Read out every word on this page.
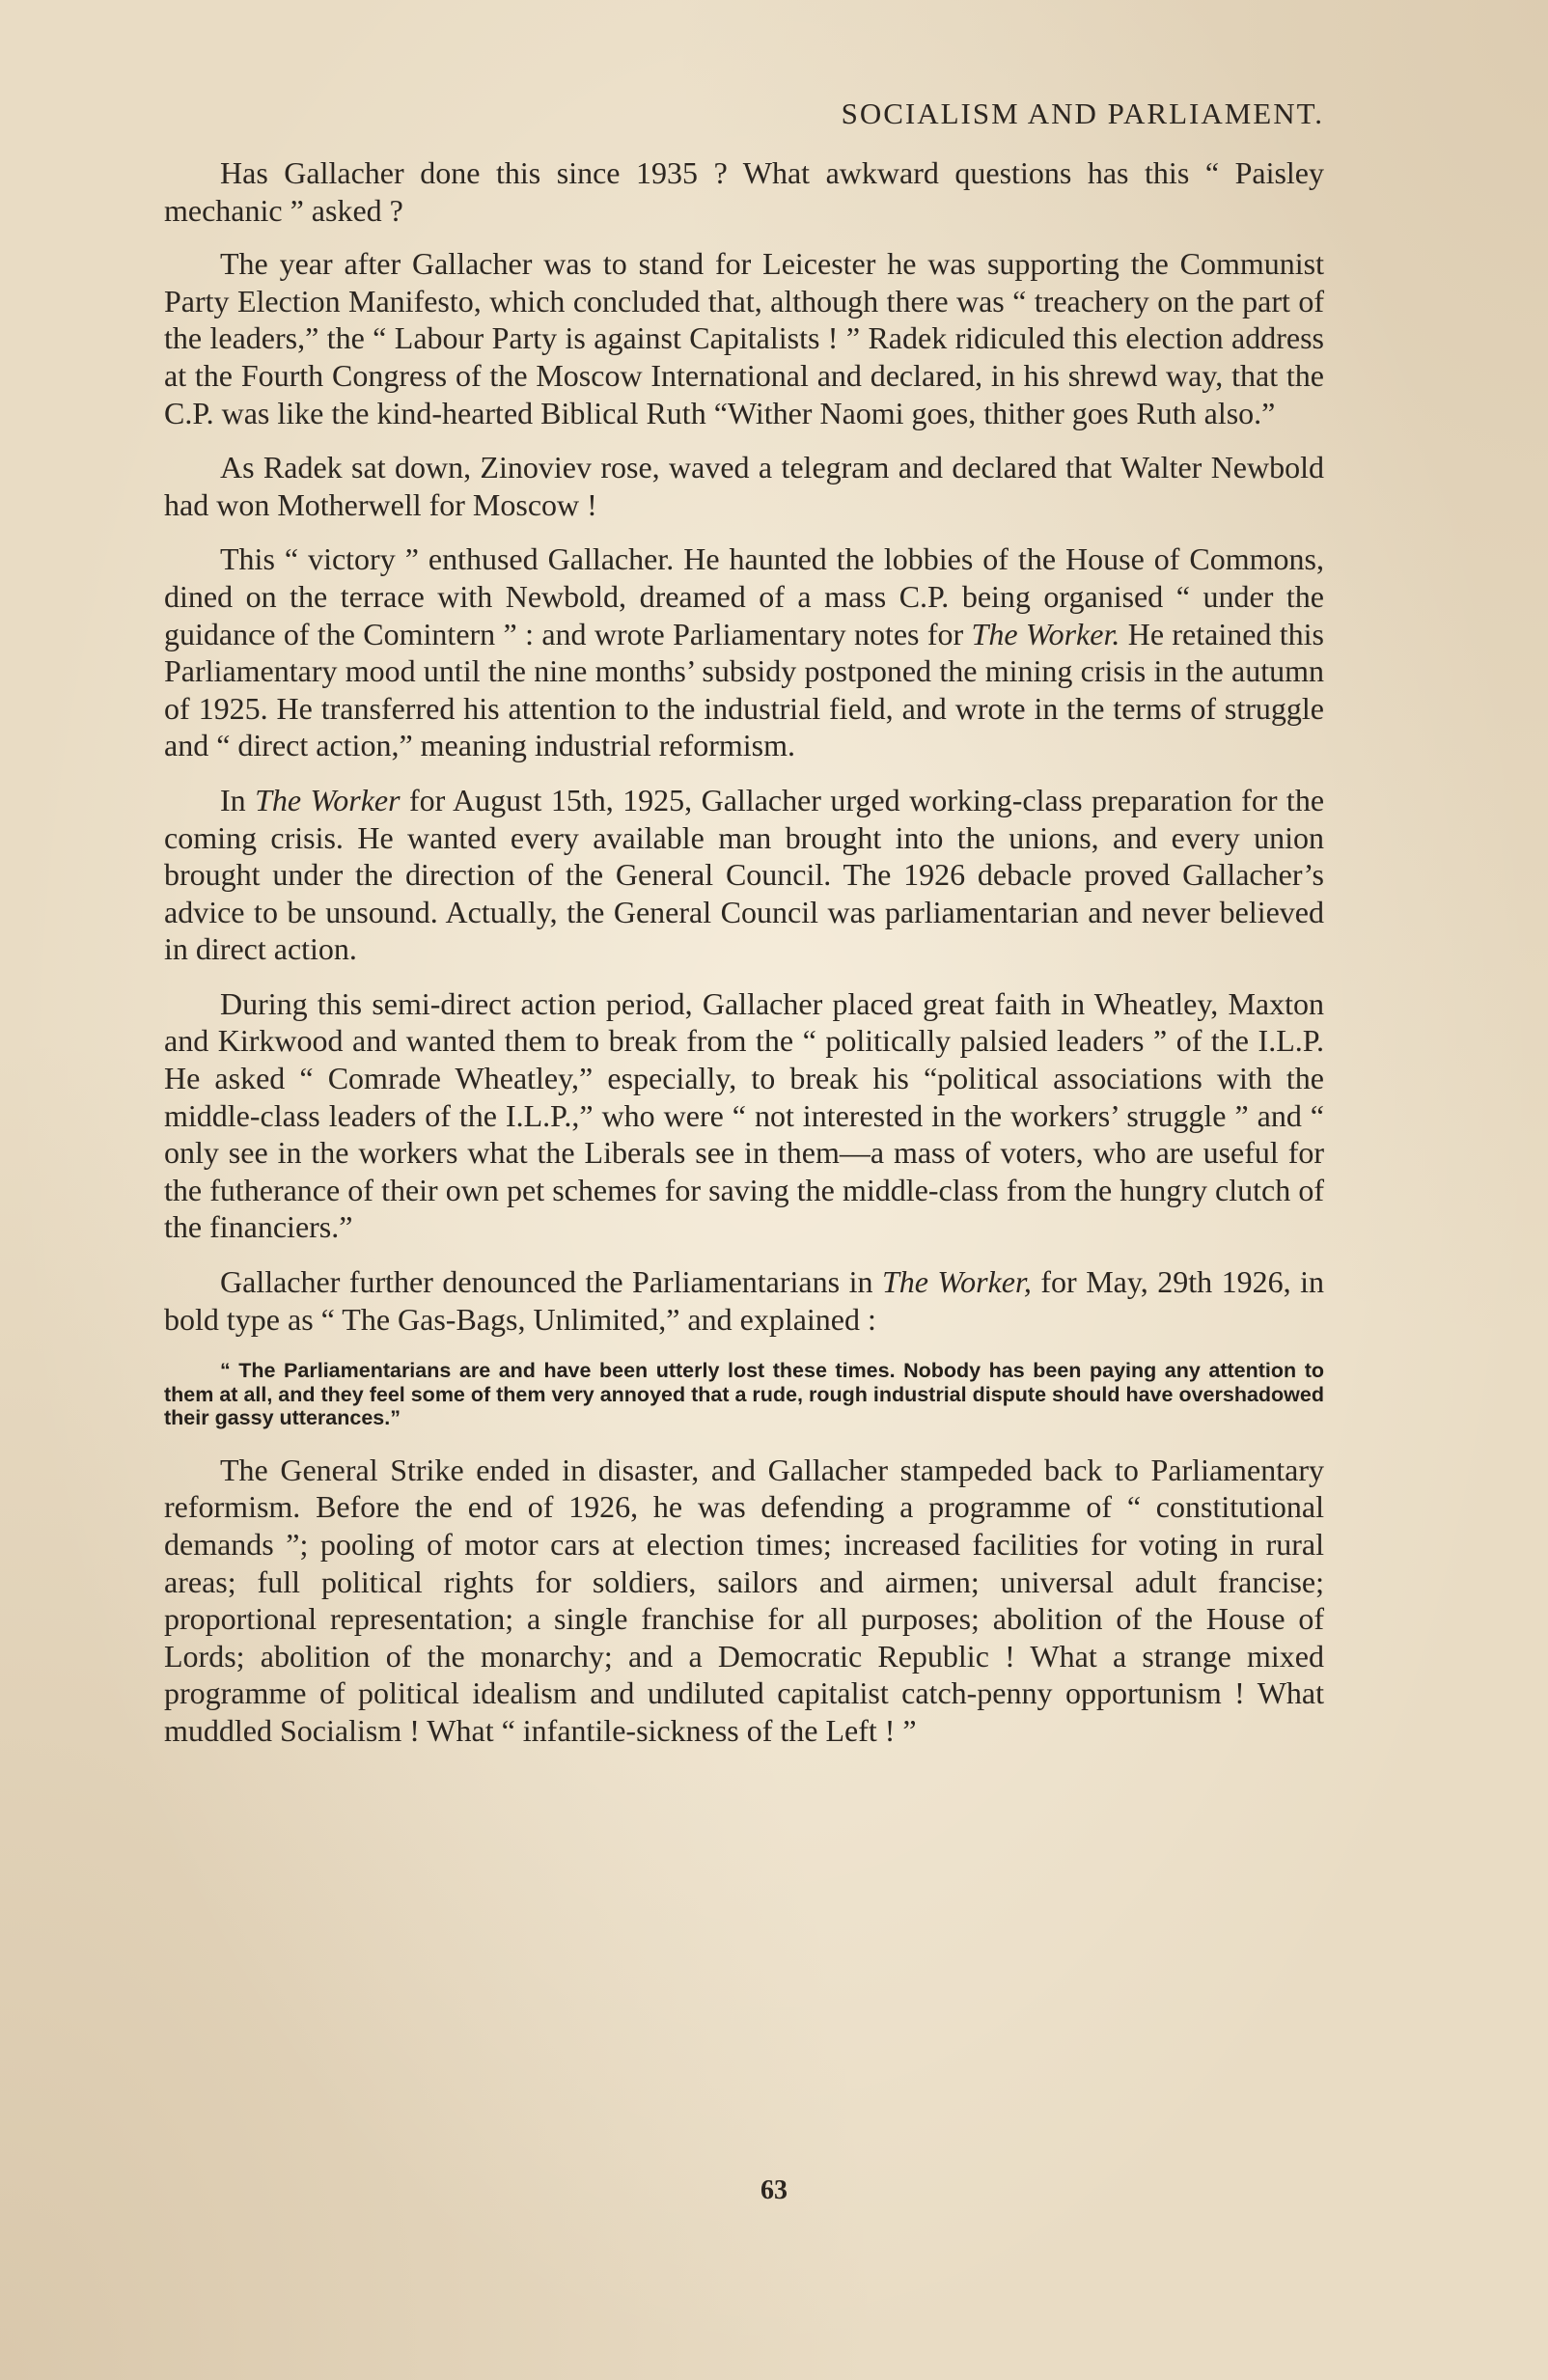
SOCIALISM AND PARLIAMENT.

Has Gallacher done this since 1935 ? What awkward questions has this “ Paisley mechanic ” asked ?

The year after Gallacher was to stand for Leicester he was supporting the Communist Party Election Manifesto, which concluded that, although there was “ treachery on the part of the leaders,” the “ Labour Party is against Capitalists ! ” Radek ridiculed this election address at the Fourth Congress of the Moscow International and declared, in his shrewd way, that the C.P. was like the kind-hearted Biblical Ruth “Wither Naomi goes, thither goes Ruth also.”

As Radek sat down, Zinoviev rose, waved a telegram and declared that Walter Newbold had won Motherwell for Moscow !

This “ victory ” enthused Gallacher. He haunted the lobbies of the House of Commons, dined on the terrace with Newbold, dreamed of a mass C.P. being organised “ under the guidance of the Comintern ” : and wrote Parliamentary notes for The Worker. He retained this Parliamentary mood until the nine months’ subsidy postponed the mining crisis in the autumn of 1925. He transferred his attention to the industrial field, and wrote in the terms of struggle and “ direct action,” meaning industrial reformism.

In The Worker for August 15th, 1925, Gallacher urged working-class preparation for the coming crisis. He wanted every available man brought into the unions, and every union brought under the direction of the General Council. The 1926 debacle proved Gallacher’s advice to be unsound. Actually, the General Council was parliamentarian and never believed in direct action.

During this semi-direct action period, Gallacher placed great faith in Wheatley, Maxton and Kirkwood and wanted them to break from the “ politically palsied leaders ” of the I.L.P. He asked “ Comrade Wheatley,” especially, to break his “political associations with the middle-class leaders of the I.L.P.,” who were “ not interested in the workers’ struggle ” and “ only see in the workers what the Liberals see in them—a mass of voters, who are useful for the futherance of their own pet schemes for saving the middle-class from the hungry clutch of the financiers.”

Gallacher further denounced the Parliamentarians in The Worker, for May, 29th 1926, in bold type as “ The Gas-Bags, Unlimited,” and explained :

“ The Parliamentarians are and have been utterly lost these times. Nobody has been paying any attention to them at all, and they feel some of them very annoyed that a rude, rough industrial dispute should have overshadowed their gassy utterances.”

The General Strike ended in disaster, and Gallacher stampeded back to Parliamentary reformism. Before the end of 1926, he was defending a programme of “ constitutional demands ”; pooling of motor cars at election times; increased facilities for voting in rural areas; full political rights for soldiers, sailors and airmen; universal adult francise; proportional representation; a single franchise for all purposes; abolition of the House of Lords; abolition of the monarchy; and a Democratic Republic ! What a strange mixed programme of political idealism and undiluted capitalist catch-penny opportunism ! What muddled Socialism ! What “ infantile-sickness of the Left ! ”

63
